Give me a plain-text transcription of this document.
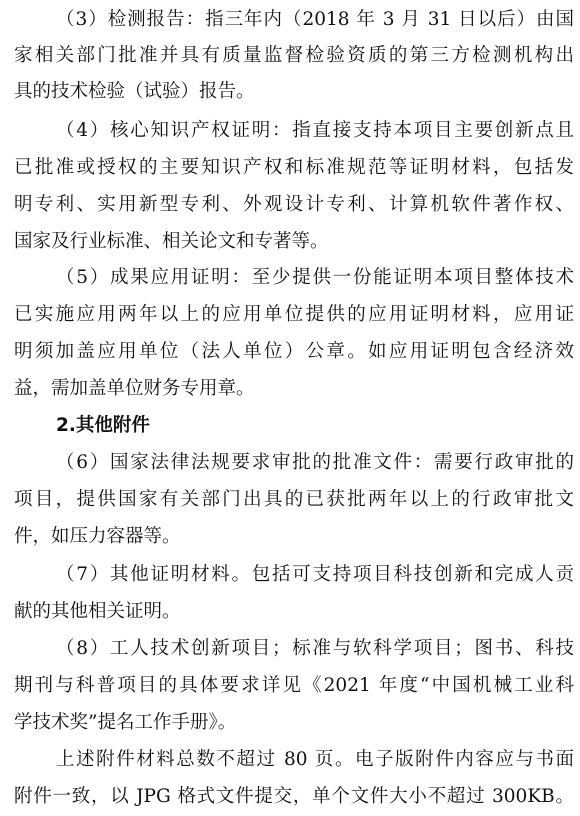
（3）检测报告：指三年内（2018 年 3 月 31 日以后）由国
家相关部门批准并具有质量监督检验资质的第三方检测机构出
具的技术检验（试验）报告。
（4）核心知识产权证明：指直接支持本项目主要创新点且
已批准或授权的主要知识产权和标准规范等证明材料，包括发
明专利、实用新型专利、外观设计专利、计算机软件著作权、
国家及行业标准、相关论文和专著等。
（5）成果应用证明：至少提供一份能证明本项目整体技术
已实施应用两年以上的应用单位提供的应用证明材料，应用证
明须加盖应用单位（法人单位）公章。如应用证明包含经济效
益，需加盖单位财务专用章。
2.其他附件
（6）国家法律法规要求审批的批准文件：需要行政审批的
项目，提供国家有关部门出具的已获批两年以上的行政审批文
件，如压力容器等。
（7）其他证明材料。包括可支持项目科技创新和完成人贡
献的其他相关证明。
（8）工人技术创新项目；标准与软科学项目；图书、科技
期刊与科普项目的具体要求详见《2021 年度“中国机械工业科
学技术奖”提名工作手册》。
上述附件材料总数不超过 80 页。电子版附件内容应与书面
附件一致，以 JPG 格式文件提交，单个文件大小不超过 300KB。
